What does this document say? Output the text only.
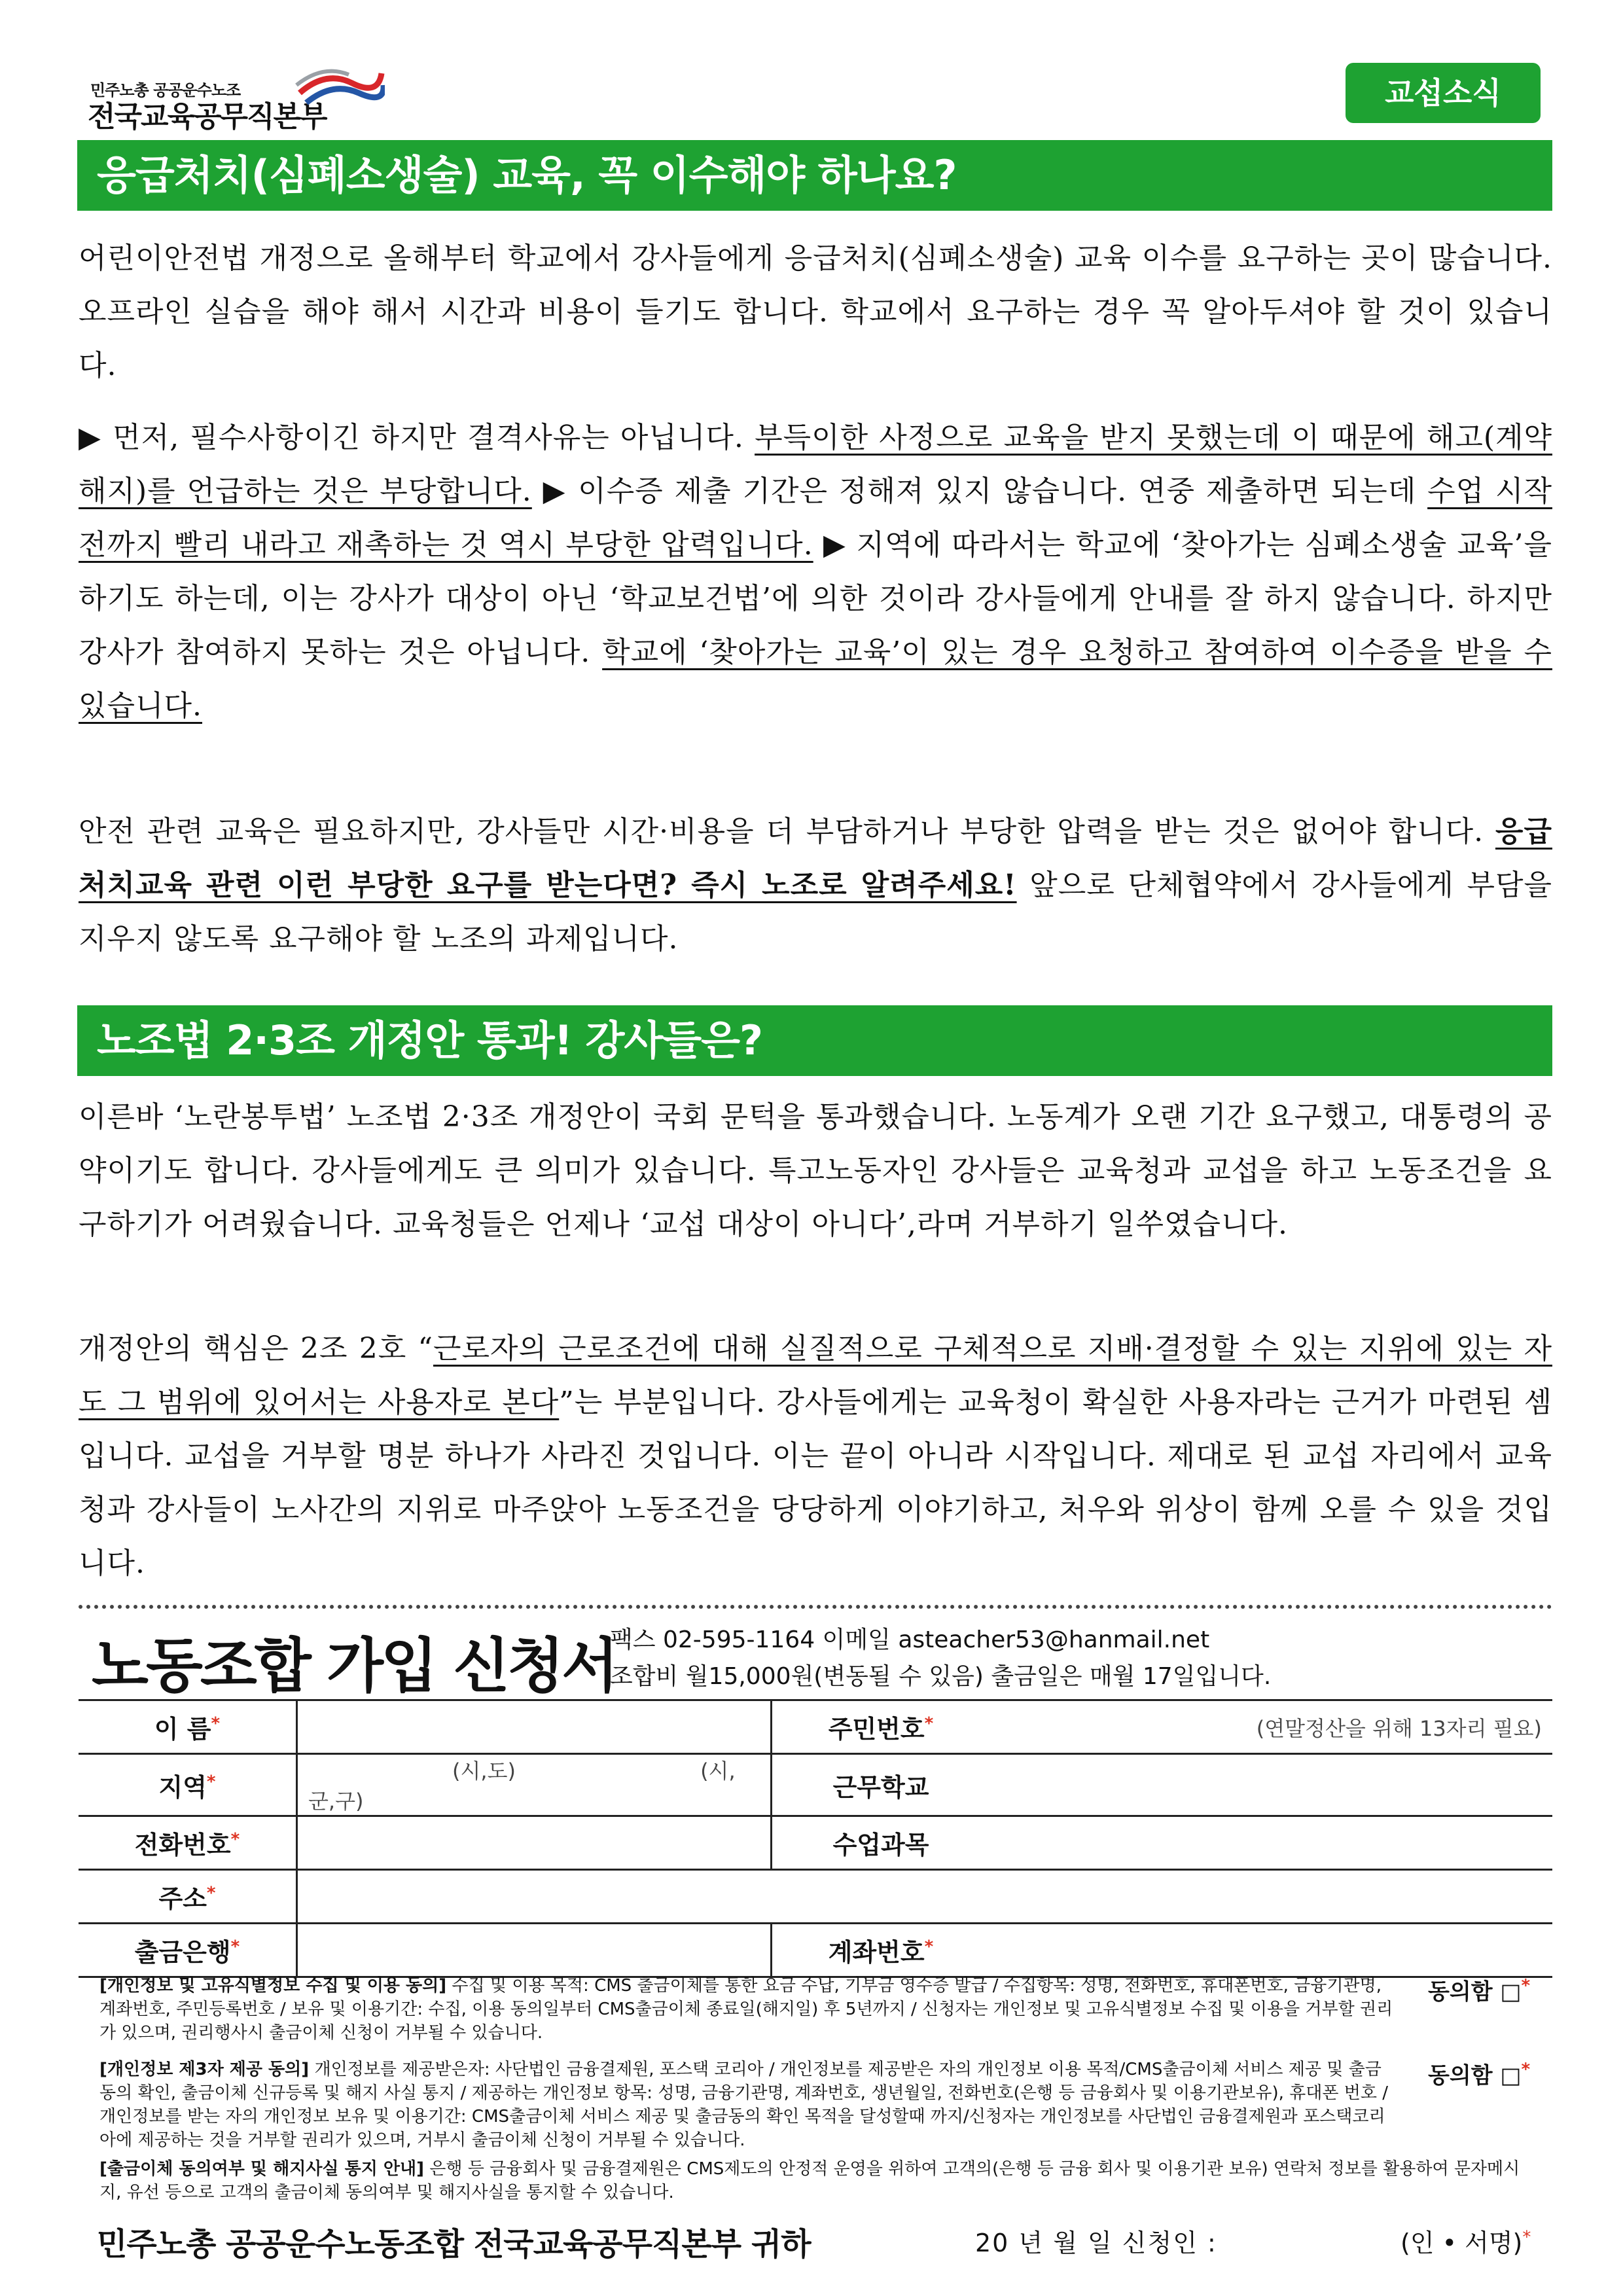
민주노총 공공운수노조
전국교육공무직본부
교섭소식
응급처치(심폐소생술) 교육, 꼭 이수해야 하나요?

어린이안전법 개정으로 올해부터 학교에서 강사들에게 응급처치(심폐소생술) 교육 이수를 요구하는 곳이 많습니다. 오프라인 실습을 해야 해서 시간과 비용이 들기도 합니다. 학교에서 요구하는 경우 꼭 알아두셔야 할 것이 있습니다.

▶ 먼저, 필수사항이긴 하지만 결격사유는 아닙니다. 부득이한 사정으로 교육을 받지 못했는데 이 때문에 해고(계약해지)를 언급하는 것은 부당합니다. ▶ 이수증 제출 기간은 정해져 있지 않습니다. 연중 제출하면 되는데 수업 시작 전까지 빨리 내라고 재촉하는 것 역시 부당한 압력입니다. ▶ 지역에 따라서는 학교에 ‘찾아가는 심폐소생술 교육’을 하기도 하는데, 이는 강사가 대상이 아닌 ‘학교보건법’에 의한 것이라 강사들에게 안내를 잘 하지 않습니다. 하지만 강사가 참여하지 못하는 것은 아닙니다. 학교에 ‘찾아가는 교육’이 있는 경우 요청하고 참여하여 이수증을 받을 수 있습니다.

안전 관련 교육은 필요하지만, 강사들만 시간·비용을 더 부담하거나 부당한 압력을 받는 것은 없어야 합니다. 응급처치교육 관련 이런 부당한 요구를 받는다면? 즉시 노조로 알려주세요! 앞으로 단체협약에서 강사들에게 부담을 지우지 않도록 요구해야 할 노조의 과제입니다.

노조법 2·3조 개정안 통과! 강사들은?

이른바 ‘노란봉투법’ 노조법 2·3조 개정안이 국회 문턱을 통과했습니다. 노동계가 오랜 기간 요구했고, 대통령의 공약이기도 합니다. 강사들에게도 큰 의미가 있습니다. 특고노동자인 강사들은 교육청과 교섭을 하고 노동조건을 요구하기가 어려웠습니다. 교육청들은 언제나 ‘교섭 대상이 아니다’,라며 거부하기 일쑤였습니다.

개정안의 핵심은 2조 2호 “근로자의 근로조건에 대해 실질적으로 구체적으로 지배·결정할 수 있는 지위에 있는 자도 그 범위에 있어서는 사용자로 본다”는 부분입니다. 강사들에게는 교육청이 확실한 사용자라는 근거가 마련된 셈입니다. 교섭을 거부할 명분 하나가 사라진 것입니다. 이는 끝이 아니라 시작입니다. 제대로 된 교섭 자리에서 교육청과 강사들이 노사간의 지위로 마주앉아 노동조건을 당당하게 이야기하고, 처우와 위상이 함께 오를 수 있을 것입니다.

노동조합 가입 신청서
팩스 02-595-1164 이메일 asteacher53@hanmail.net
조합비 월15,000원(변동될 수 있음) 출금일은 매월 17일입니다.
이 름*		주민번호*	(연말정산을 위해 13자리 필요)
지역*	(시,도) (시,군,구)	근무학교	
전화번호*		수업과목	
주소*	
출금은행*		계좌번호*	
[개인정보 및 고유식별정보 수집 및 이용 동의] 수집 및 이용 목적: CMS 출금이체를 통한 요금 수납, 기부금 영수증 발급 / 수집항목: 성명, 전화번호, 휴대폰번호, 금융기관명, 계좌번호, 주민등록번호 / 보유 및 이용기간: 수집, 이용 동의일부터 CMS출금이체 종료일(해지일) 후 5년까지 / 신청자는 개인정보 및 고유식별정보 수집 및 이용을 거부할 권리가 있으며, 권리행사시 출금이체 신청이 거부될 수 있습니다.
동의함 □*
[개인정보 제3자 제공 동의] 개인정보를 제공받은자: 사단법인 금융결제원, 포스택 코리아 / 개인정보를 제공받은 자의 개인정보 이용 목적/CMS출금이체 서비스 제공 및 출금동의 확인, 출금이체 신규등록 및 해지 사실 통지 / 제공하는 개인정보 항목: 성명, 금융기관명, 계좌번호, 생년월일, 전화번호(은행 등 금융회사 및 이용기관보유), 휴대폰 번호 / 개인정보를 받는 자의 개인정보 보유 및 이용기간: CMS출금이체 서비스 제공 및 출금동의 확인 목적을 달성할때 까지/신청자는 개인정보를 사단법인 금융결제원과 포스택코리아에 제공하는 것을 거부할 권리가 있으며, 거부시 출금이체 신청이 거부될 수 있습니다.
동의함 □*
[출금이체 동의여부 및 해지사실 통지 안내] 은행 등 금융회사 및 금융결제원은 CMS제도의 안정적 운영을 위하여 고객의(은행 등 금융 회사 및 이용기관 보유) 연락처 정보를 활용하여 문자메시지, 유선 등으로 고객의 출금이체 동의여부 및 해지사실을 통지할 수 있습니다.
민주노총 공공운수노동조합 전국교육공무직본부 귀하	20 년 월 일 신청인 :	(인 • 서명)*
